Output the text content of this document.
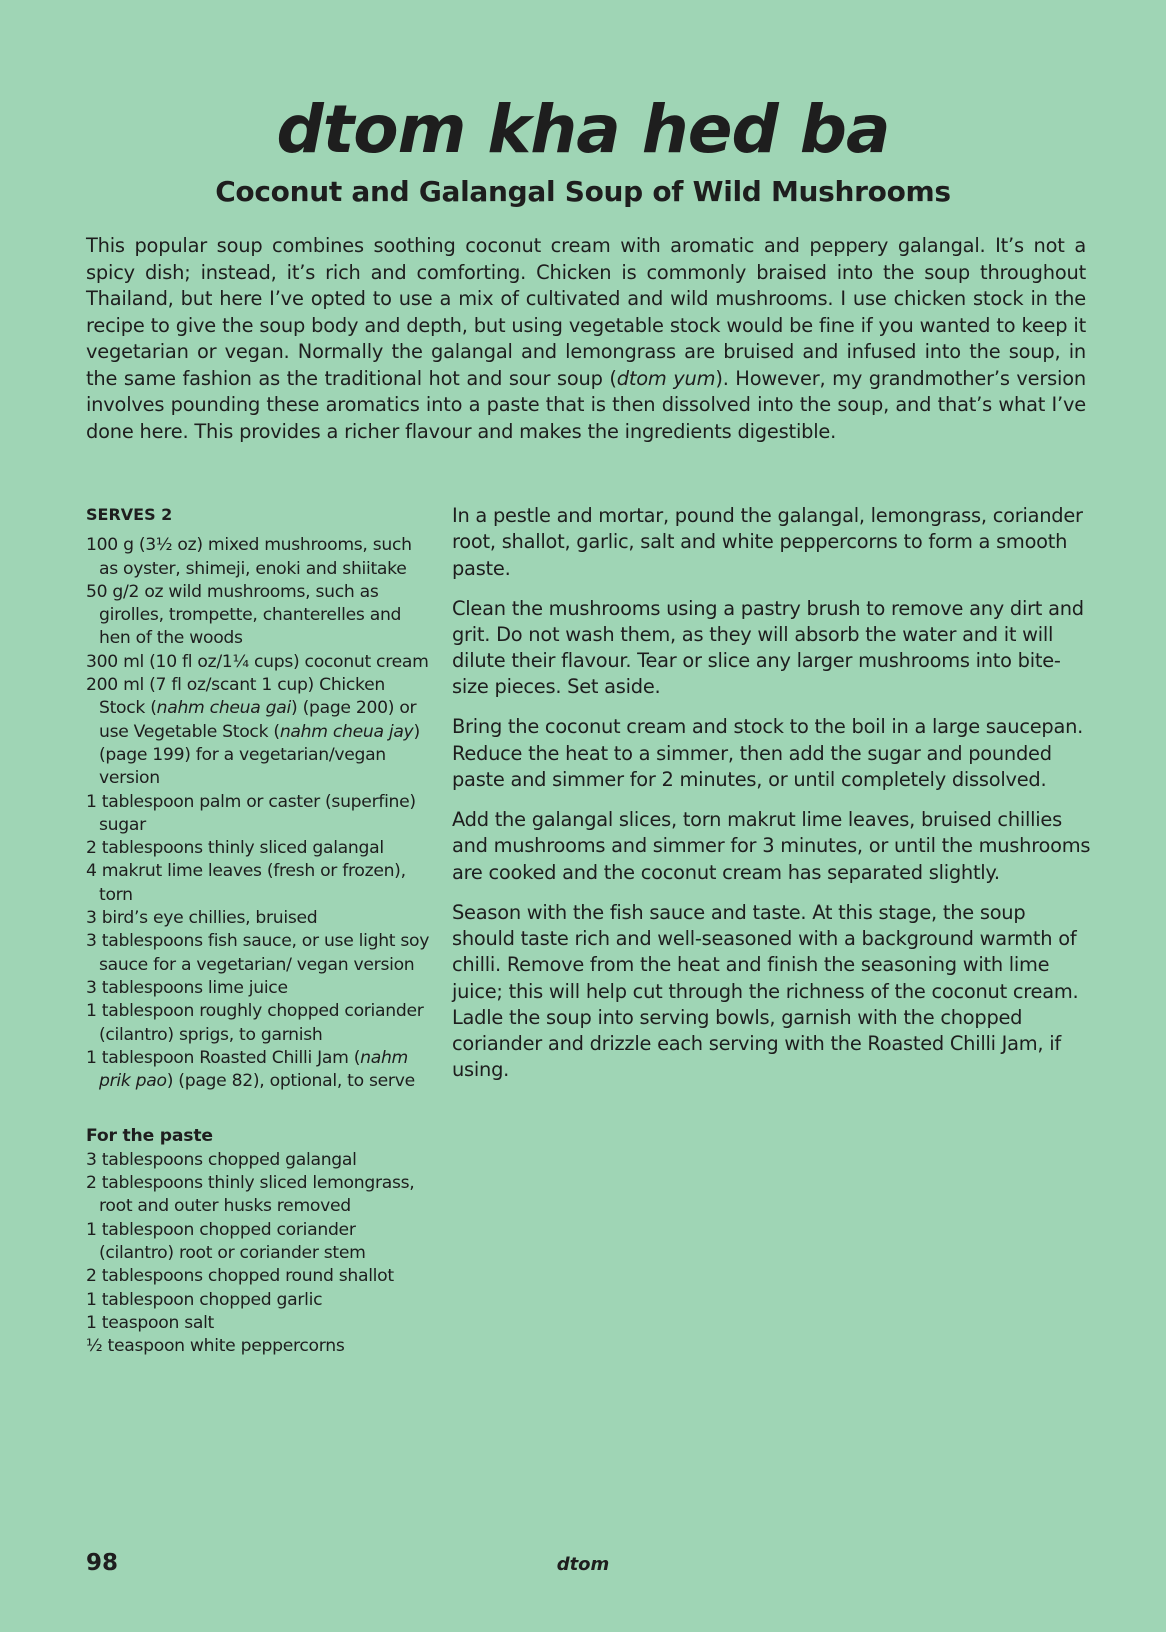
dtom kha hed ba
Coconut and Galangal Soup of Wild Mushrooms

This popular soup combines soothing coconut cream with aromatic and peppery galangal. It’s not a spicy dish; instead, it’s rich and comforting. Chicken is commonly braised into the soup throughout Thailand, but here I’ve opted to use a mix of cultivated and wild mushrooms. I use chicken stock in the recipe to give the soup body and depth, but using vegetable stock would be fine if you wanted to keep it vegetarian or vegan. Normally the galangal and lemongrass are bruised and infused into the soup, in the same fashion as the traditional hot and sour soup (dtom yum). However, my grandmother’s version involves pounding these aromatics into a paste that is then dissolved into the soup, and that’s what I’ve done here. This provides a richer flavour and makes the ingredients digestible.

SERVES 2
100 g (3½ oz) mixed mushrooms, such as oyster, shimeji, enoki and shiitake
50 g/2 oz wild mushrooms, such as girolles, trompette, chanterelles and hen of the woods
300 ml (10 fl oz/1¼ cups) coconut cream
200 ml (7 fl oz/scant 1 cup) Chicken Stock (nahm cheua gai) (page 200) or use Vegetable Stock (nahm cheua jay) (page 199) for a vegetarian/vegan version
1 tablespoon palm or caster (superfine) sugar
2 tablespoons thinly sliced galangal
4 makrut lime leaves (fresh or frozen), torn
3 bird’s eye chillies, bruised
3 tablespoons fish sauce, or use light soy sauce for a vegetarian/ vegan version
3 tablespoons lime juice
1 tablespoon roughly chopped coriander (cilantro) sprigs, to garnish
1 tablespoon Roasted Chilli Jam (nahm prik pao) (page 82), optional, to serve
For the paste
3 tablespoons chopped galangal
2 tablespoons thinly sliced lemongrass, root and outer husks removed
1 tablespoon chopped coriander (cilantro) root or coriander stem
2 tablespoons chopped round shallot
1 tablespoon chopped garlic
1 teaspoon salt
½ teaspoon white peppercorns

In a pestle and mortar, pound the galangal, lemongrass, coriander root, shallot, garlic, salt and white peppercorns to form a smooth paste.

Clean the mushrooms using a pastry brush to remove any dirt and grit. Do not wash them, as they will absorb the water and it will dilute their flavour. Tear or slice any larger mushrooms into bite-size pieces. Set aside.

Bring the coconut cream and stock to the boil in a large saucepan. Reduce the heat to a simmer, then add the sugar and pounded paste and simmer for 2 minutes, or until completely dissolved.

Add the galangal slices, torn makrut lime leaves, bruised chillies and mushrooms and simmer for 3 minutes, or until the mushrooms are cooked and the coconut cream has separated slightly.

Season with the fish sauce and taste. At this stage, the soup should taste rich and well-seasoned with a background warmth of chilli. Remove from the heat and finish the seasoning with lime juice; this will help cut through the richness of the coconut cream. Ladle the soup into serving bowls, garnish with the chopped coriander and drizzle each serving with the Roasted Chilli Jam, if using.

98	dtom
